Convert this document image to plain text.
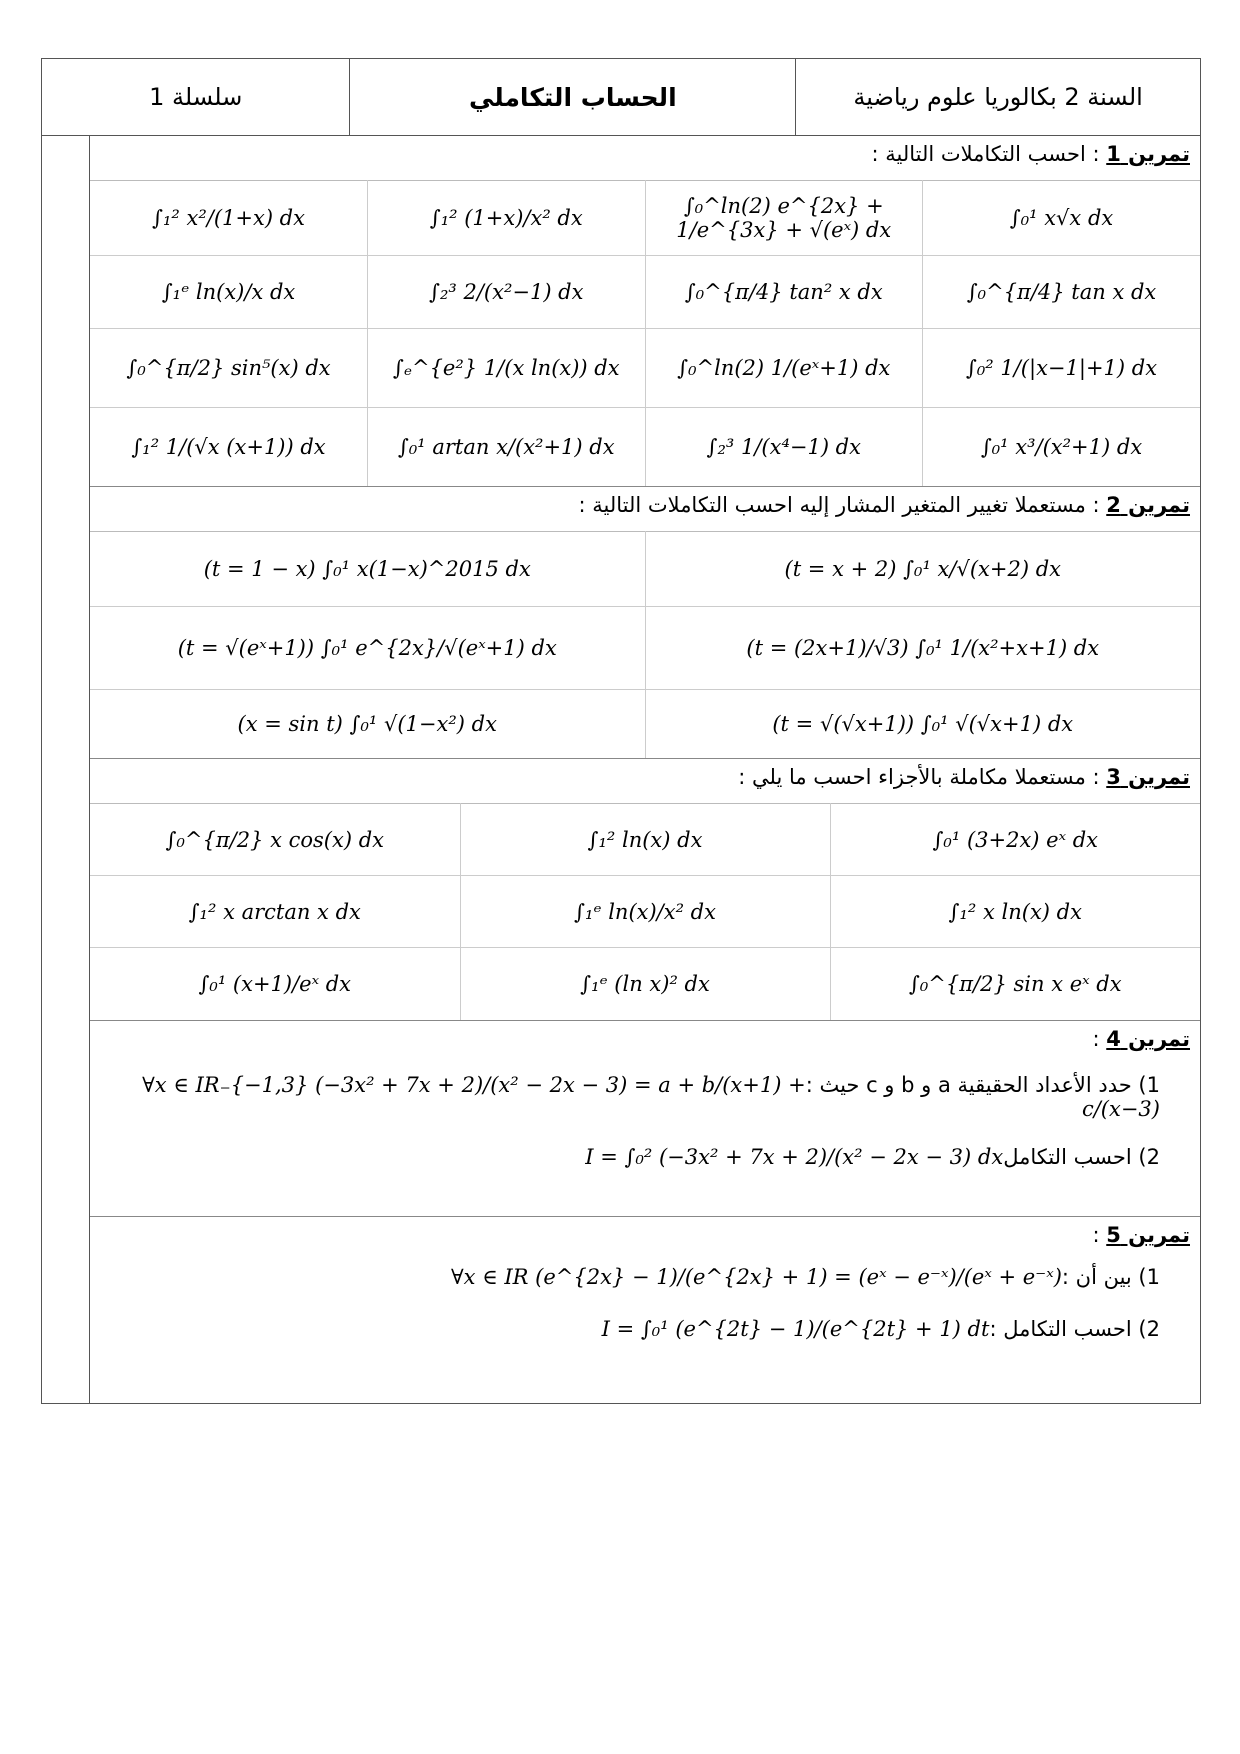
سلسلة 1	الحساب التكاملي	السنة 2 بكالوريا علوم رياضية
تمرين 1 : احسب التكاملات التالية :
∫₁² x²/(1+x) dx	∫₁² (1+x)/x² dx	∫₀^ln(2) e^{2x} + 1/e^{3x} + √(eˣ) dx	∫₀¹ x√x dx
∫₁ᵉ ln(x)/x dx	∫₂³ 2/(x²−1) dx	∫₀^{π/4} tan² x dx	∫₀^{π/4} tan x dx
∫₀^{π/2} sin⁵(x) dx	∫ₑ^{e²} 1/(x ln(x)) dx	∫₀^ln(2) 1/(eˣ+1) dx	∫₀² 1/(|x−1|+1) dx
∫₁² 1/(√x (x+1)) dx	∫₀¹ artan x/(x²+1) dx	∫₂³ 1/(x⁴−1) dx	∫₀¹ x³/(x²+1) dx
تمرين 2 : مستعملا تغيير المتغير المشار إليه احسب التكاملات التالية :
(t = 1 − x) ∫₀¹ x(1−x)^2015 dx	(t = x + 2) ∫₀¹ x/√(x+2) dx
(t = √(eˣ+1)) ∫₀¹ e^{2x}/√(eˣ+1) dx	(t = (2x+1)/√3) ∫₀¹ 1/(x²+x+1) dx
(x = sin t) ∫₀¹ √(1−x²) dx	(t = √(√x+1)) ∫₀¹ √(√x+1) dx
تمرين 3 : مستعملا مكاملة بالأجزاء احسب ما يلي :
∫₀^{π/2} x cos(x) dx	∫₁² ln(x) dx	∫₀¹ (3+2x) eˣ dx
∫₁² x arctan x dx	∫₁ᵉ ln(x)/x² dx	∫₁² x ln(x) dx
∫₀¹ (x+1)/eˣ dx	∫₁ᵉ (ln x)² dx	∫₀^{π/2} sin x eˣ dx
تمرين 4 :
1) حدد الأعداد الحقيقية a و b و c حيث :∀x ∈ IR₋{−1,3} (−3x² + 7x + 2)/(x² − 2x − 3) = a + b/(x+1) + c/(x−3)
2) احسب التكاملI = ∫₀² (−3x² + 7x + 2)/(x² − 2x − 3) dx
تمرين 5 :
1) بين أن :∀x ∈ IR (e^{2x} − 1)/(e^{2x} + 1) = (eˣ − e⁻ˣ)/(eˣ + e⁻ˣ)
2) احسب التكامل :I = ∫₀¹ (e^{2t} − 1)/(e^{2t} + 1) dt
